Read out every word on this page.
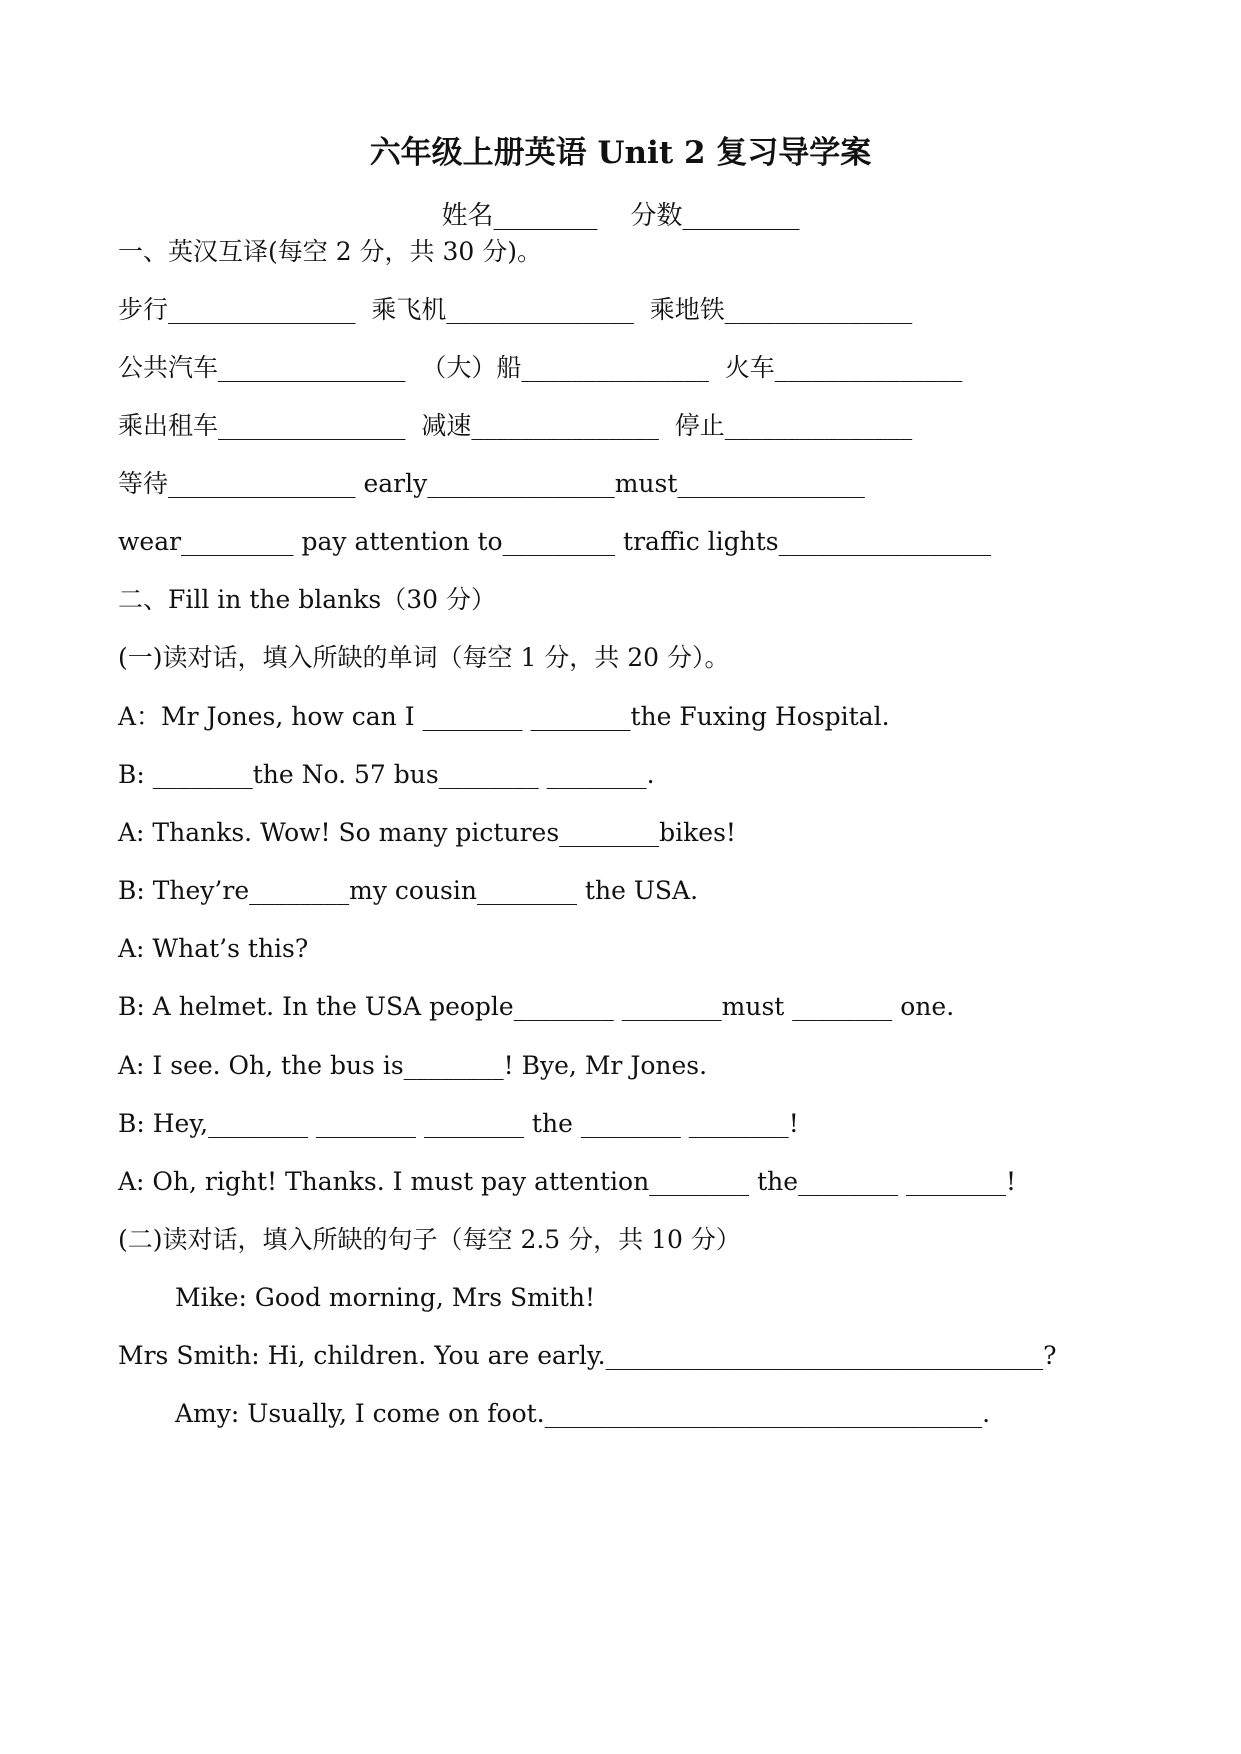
六年级上册英语 Unit 2 复习导学案
姓名________    分数_________
一、英汉互译(每空 2 分，共 30 分)。
步行_______________  乘飞机_______________  乘地铁_______________
公共汽车_______________  （大）船_______________  火车_______________
乘出租车_______________  减速_______________  停止_______________
等待_______________ early_______________must_______________
wear_________ pay attention to_________ traffic lights_________________
二、Fill in the blanks（30 分）
(一)读对话，填入所缺的单词（每空 1 分，共 20 分）。
A：Mr Jones, how can I ________ ________the Fuxing Hospital.
B: ________the No. 57 bus________ ________.
A: Thanks. Wow! So many pictures________bikes!
B: They’re________my cousin________ the USA.
A: What’s this?
B: A helmet. In the USA people________ ________must ________ one.
A: I see. Oh, the bus is________! Bye, Mr Jones.
B: Hey,________ ________ ________ the ________ ________!
A: Oh, right! Thanks. I must pay attention________ the________ ________!
(二)读对话，填入所缺的句子（每空 2.5 分，共 10 分）
Mike: Good morning, Mrs Smith!
Mrs Smith: Hi, children. You are early.___________________________________?
Amy: Usually, I come on foot.___________________________________.
